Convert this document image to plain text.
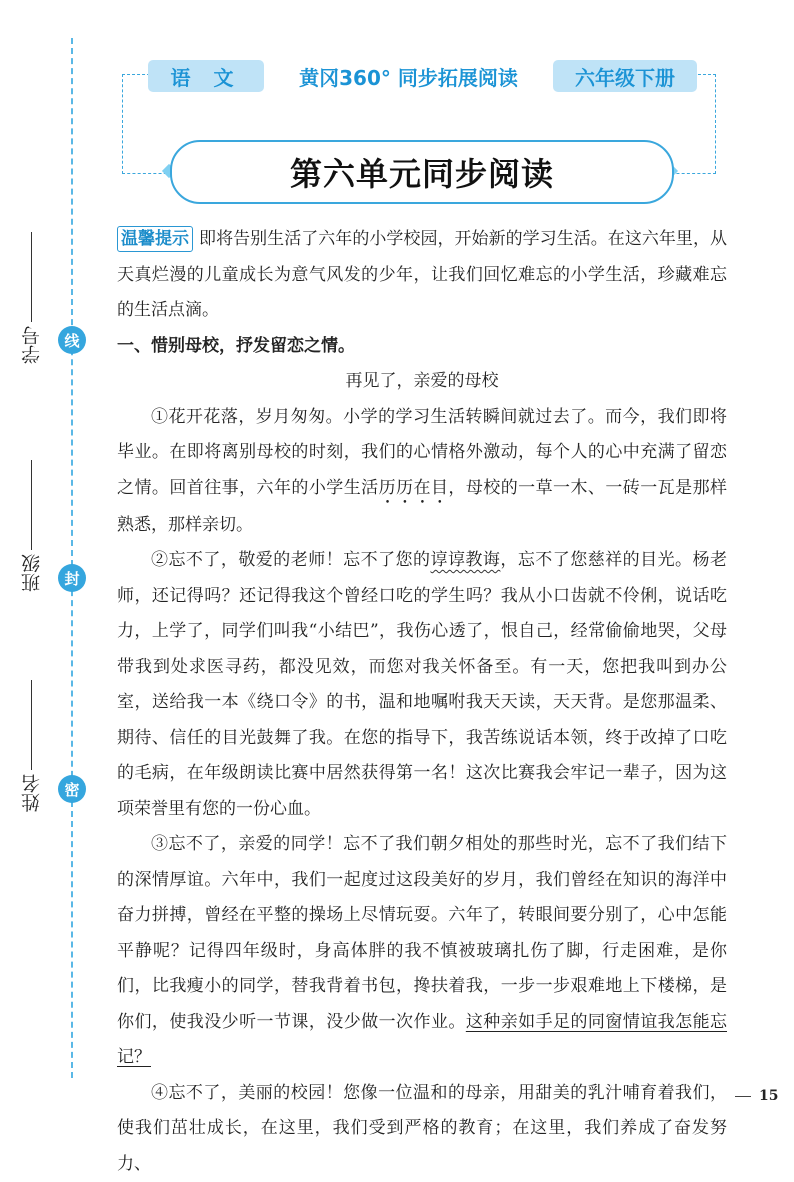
线
封
密
学号
班级
姓名
语 文	黄冈360° 同步拓展阅读	六年级下册
第六单元同步阅读

温馨提示 即将告别生活了六年的小学校园，开始新的学习生活。在这六年里，从天真烂漫的儿童成长为意气风发的少年，让我们回忆难忘的小学生活，珍藏难忘的生活点滴。

一、惜别母校，抒发留恋之情。

再见了，亲爱的母校

①花开花落，岁月匆匆。小学的学习生活转瞬间就过去了。而今，我们即将毕业。在即将离别母校的时刻，我们的心情格外激动，每个人的心中充满了留恋之情。回首往事，六年的小学生活历历在目，母校的一草一木、一砖一瓦是那样熟悉，那样亲切。

②忘不了，敬爱的老师！忘不了您的谆谆教诲，忘不了您慈祥的目光。杨老师，还记得吗？还记得我这个曾经口吃的学生吗？我从小口齿就不伶俐，说话吃力，上学了，同学们叫我“小结巴”，我伤心透了，恨自己，经常偷偷地哭，父母带我到处求医寻药，都没见效，而您对我关怀备至。有一天，您把我叫到办公室，送给我一本《绕口令》的书，温和地嘱咐我天天读，天天背。是您那温柔、期待、信任的目光鼓舞了我。在您的指导下，我苦练说话本领，终于改掉了口吃的毛病，在年级朗读比赛中居然获得第一名！这次比赛我会牢记一辈子，因为这项荣誉里有您的一份心血。

③忘不了，亲爱的同学！忘不了我们朝夕相处的那些时光，忘不了我们结下的深情厚谊。六年中，我们一起度过这段美好的岁月，我们曾经在知识的海洋中奋力拼搏，曾经在平整的操场上尽情玩耍。六年了，转眼间要分别了，心中怎能平静呢？记得四年级时，身高体胖的我不慎被玻璃扎伤了脚，行走困难，是你们，比我瘦小的同学，替我背着书包，搀扶着我，一步一步艰难地上下楼梯，是你们，使我没少听一节课，没少做一次作业。这种亲如手足的同窗情谊我怎能忘记？

④忘不了，美丽的校园！您像一位温和的母亲，用甜美的乳汁哺育着我们，使我们茁壮成长，在这里，我们受到严格的教育；在这里，我们养成了奋发努力、

15
